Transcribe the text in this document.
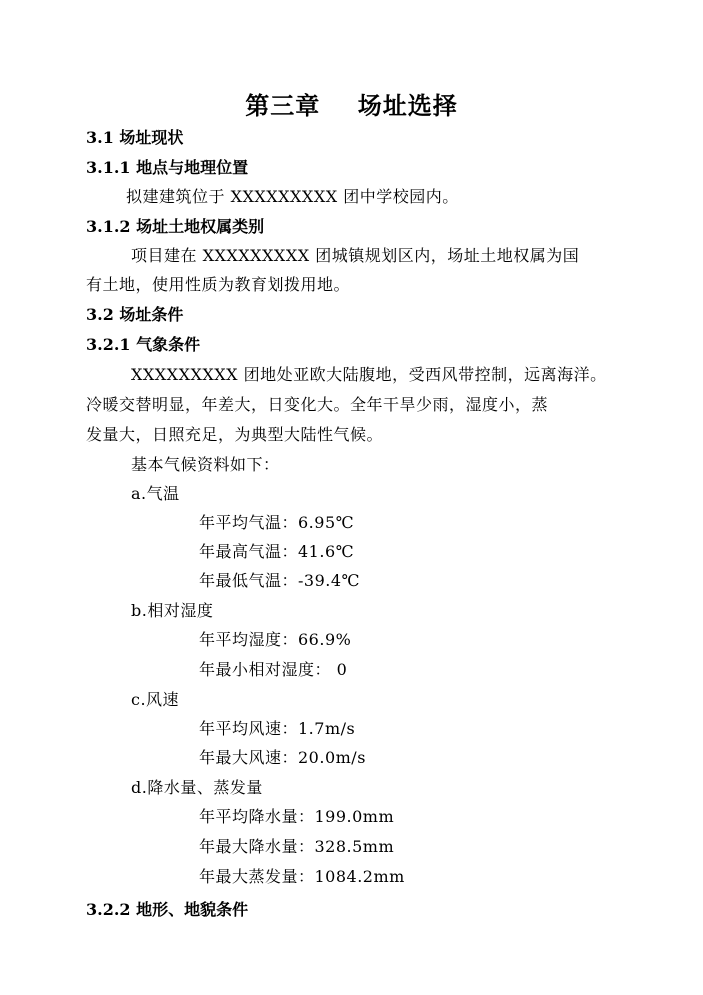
第三章    场址选择
3.1 场址现状
3.1.1 地点与地理位置
拟建建筑位于 XXXXXXXXX 团中学校园内。
3.1.2 场址土地权属类别
项目建在 XXXXXXXXX 团城镇规划区内，场址土地权属为国
有土地，使用性质为教育划拨用地。
3.2 场址条件
3.2.1 气象条件
XXXXXXXXX 团地处亚欧大陆腹地，受西风带控制，远离海洋。
冷暖交替明显，年差大，日变化大。全年干旱少雨，湿度小，蒸
发量大，日照充足，为典型大陆性气候。
基本气候资料如下：
a.气温
年平均气温：6.95℃
年最高气温：41.6℃
年最低气温：-39.4℃
b.相对湿度
年平均湿度：66.9%
年最小相对湿度： 0
c.风速
年平均风速：1.7m/s
年最大风速：20.0m/s
d.降水量、蒸发量
年平均降水量：199.0mm
年最大降水量：328.5mm
年最大蒸发量：1084.2mm
3.2.2 地形、地貌条件
